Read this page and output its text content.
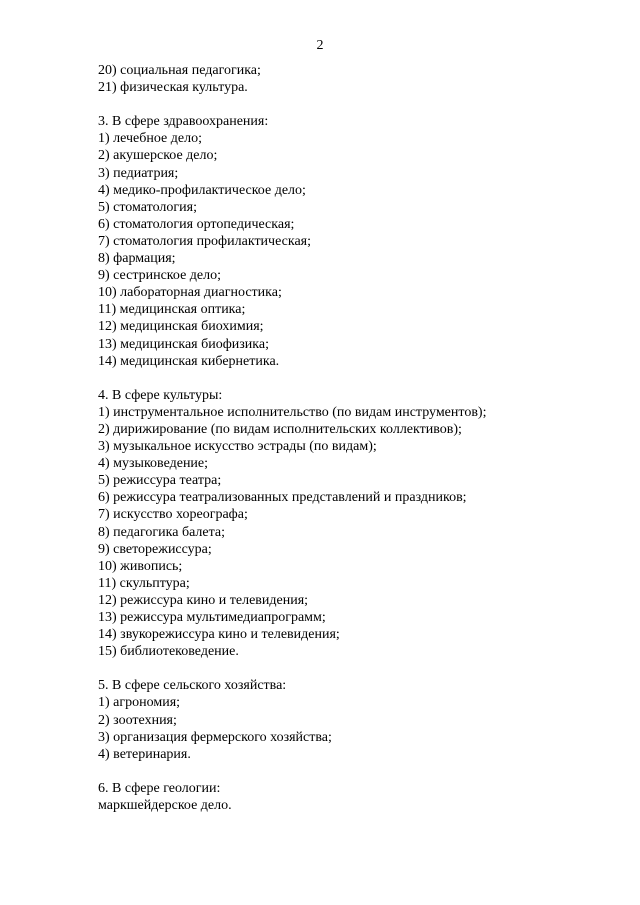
2
20) социальная педагогика;
21) физическая культура.
3. В сфере здравоохранения:
1) лечебное дело;
2) акушерское дело;
3) педиатрия;
4) медико-профилактическое дело;
5) стоматология;
6) стоматология ортопедическая;
7) стоматология профилактическая;
8) фармация;
9) сестринское дело;
10) лабораторная диагностика;
11) медицинская оптика;
12) медицинская биохимия;
13) медицинская биофизика;
14) медицинская кибернетика.
4. В сфере культуры:
1) инструментальное исполнительство (по видам инструментов);
2) дирижирование (по видам исполнительских коллективов);
3) музыкальное искусство эстрады (по видам);
4) музыковедение;
5) режиссура театра;
6) режиссура театрализованных представлений и праздников;
7) искусство хореографа;
8) педагогика балета;
9) светорежиссура;
10) живопись;
11) скульптура;
12) режиссура кино и телевидения;
13) режиссура мультимедиапрограмм;
14) звукорежиссура кино и телевидения;
15) библиотековедение.
5. В сфере сельского хозяйства:
1) агрономия;
2) зоотехния;
3) организация фермерского хозяйства;
4) ветеринария.
6. В сфере геологии:
маркшейдерское дело.
